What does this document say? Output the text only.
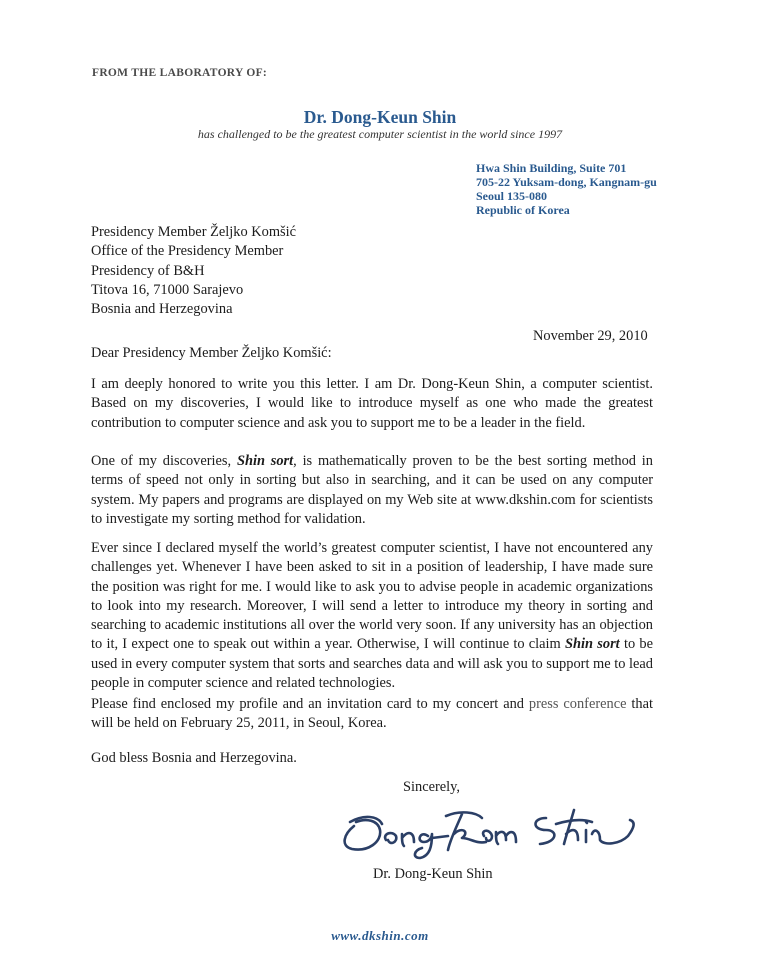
FROM THE LABORATORY OF:
Dr. Dong-Keun Shin
has challenged to be the greatest computer scientist in the world since 1997
Hwa Shin Building, Suite 701
705-22 Yuksam-dong, Kangnam-gu
Seoul 135-080
Republic of Korea
Presidency Member Željko Komšić
Office of the Presidency Member
Presidency of B&H
Titova 16, 71000 Sarajevo
Bosnia and Herzegovina
November 29, 2010
Dear Presidency Member Željko Komšić:

I am deeply honored to write you this letter. I am Dr. Dong-Keun Shin, a computer scientist. Based on my discoveries, I would like to introduce myself as one who made the greatest contribution to computer science and ask you to support me to be a leader in the field.

One of my discoveries, Shin sort, is mathematically proven to be the best sorting method in terms of speed not only in sorting but also in searching, and it can be used on any computer system. My papers and programs are displayed on my Web site at www.dkshin.com for scientists to investigate my sorting method for validation.

Ever since I declared myself the world’s greatest computer scientist, I have not encountered any challenges yet. Whenever I have been asked to sit in a position of leadership, I have made sure the position was right for me. I would like to ask you to advise people in academic organizations to look into my research. Moreover, I will send a letter to introduce my theory in sorting and searching to academic institutions all over the world very soon. If any university has an objection to it, I expect one to speak out within a year. Otherwise, I will continue to claim Shin sort to be used in every computer system that sorts and searches data and will ask you to support me to lead people in computer science and related technologies.

Please find enclosed my profile and an invitation card to my concert and press conference that will be held on February 25, 2011, in Seoul, Korea.

God bless Bosnia and Herzegovina.

Sincerely,
Dr. Dong-Keun Shin
www.dkshin.com
